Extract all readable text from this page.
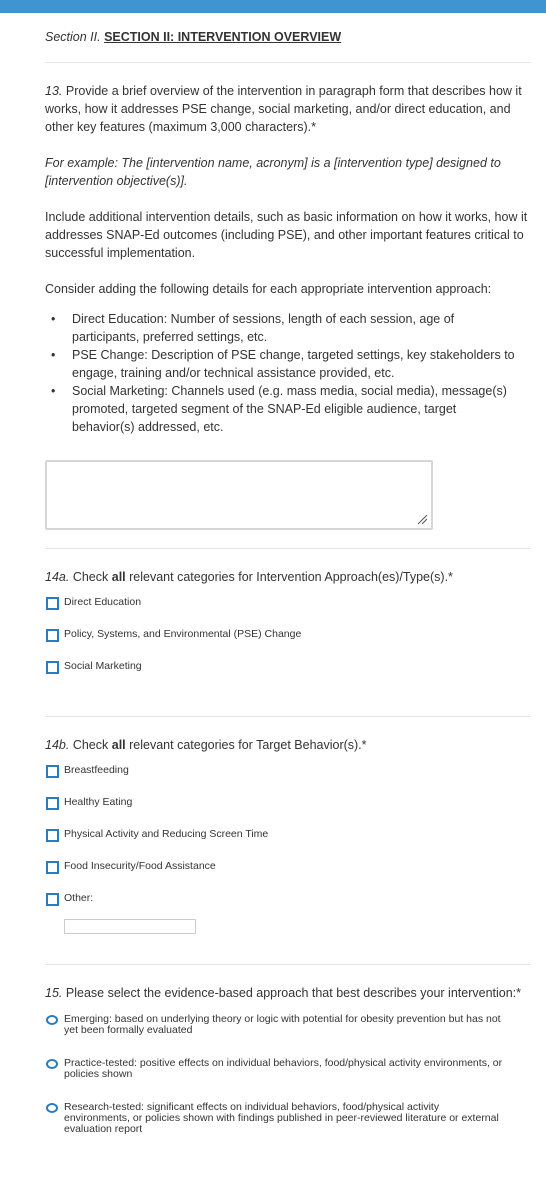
Section II. SECTION II: INTERVENTION OVERVIEW
13. Provide a brief overview of the intervention in paragraph form that describes how it works, how it addresses PSE change, social marketing, and/or direct education, and other key features (maximum 3,000 characters).*
For example: The [intervention name, acronym] is a [intervention type] designed to [intervention objective(s)].
Include additional intervention details, such as basic information on how it works, how it addresses SNAP-Ed outcomes (including PSE), and other important features critical to successful implementation.
Consider adding the following details for each appropriate intervention approach:
• Direct Education: Number of sessions, length of each session, age of participants, preferred settings, etc.
• PSE Change: Description of PSE change, targeted settings, key stakeholders to engage, training and/or technical assistance provided, etc.
• Social Marketing: Channels used (e.g. mass media, social media), message(s) promoted, targeted segment of the SNAP-Ed eligible audience, target behavior(s) addressed, etc.
14a. Check all relevant categories for Intervention Approach(es)/Type(s).*
Direct Education
Policy, Systems, and Environmental (PSE) Change
Social Marketing
14b. Check all relevant categories for Target Behavior(s).*
Breastfeeding
Healthy Eating
Physical Activity and Reducing Screen Time
Food Insecurity/Food Assistance
Other:
15. Please select the evidence-based approach that best describes your intervention:*
Emerging: based on underlying theory or logic with potential for obesity prevention but has not yet been formally evaluated
Practice-tested: positive effects on individual behaviors, food/physical activity environments, or policies shown
Research-tested: significant effects on individual behaviors, food/physical activity environments, or policies shown with findings published in peer-reviewed literature or external evaluation report
